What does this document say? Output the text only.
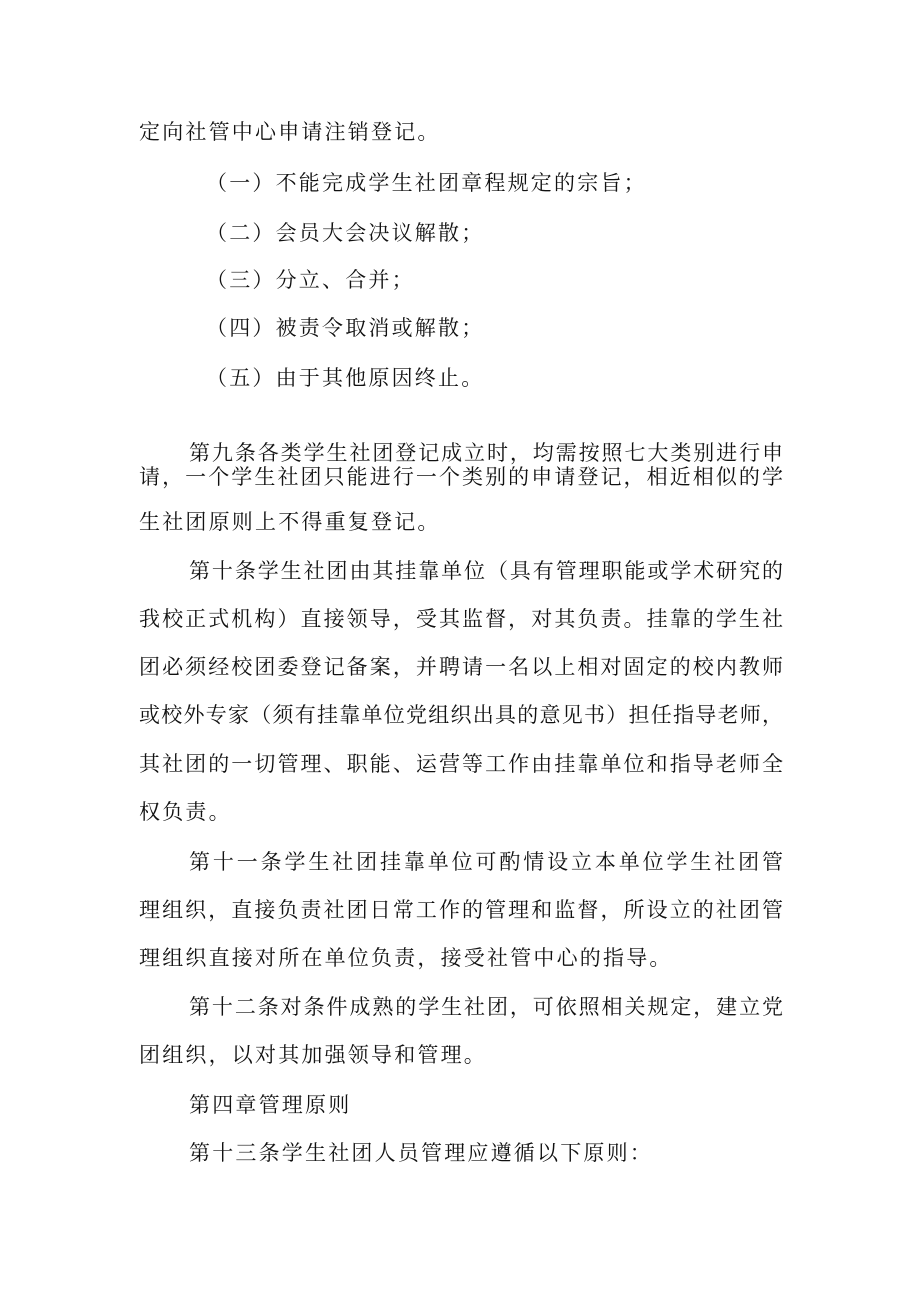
定向社管中心申请注销登记。
（一）不能完成学生社团章程规定的宗旨；
（二）会员大会决议解散；
（三）分立、合并；
（四）被责令取消或解散；
（五）由于其他原因终止。
第九条各类学生社团登记成立时，均需按照七大类别进行申
请，一个学生社团只能进行一个类别的申请登记，相近相似的学
生社团原则上不得重复登记。
第十条学生社团由其挂靠单位（具有管理职能或学术研究的
我校正式机构）直接领导，受其监督，对其负责。挂靠的学生社
团必须经校团委登记备案，并聘请一名以上相对固定的校内教师
或校外专家（须有挂靠单位党组织出具的意见书）担任指导老师，
其社团的一切管理、职能、运营等工作由挂靠单位和指导老师全
权负责。
第十一条学生社团挂靠单位可酌情设立本单位学生社团管
理组织，直接负责社团日常工作的管理和监督，所设立的社团管
理组织直接对所在单位负责，接受社管中心的指导。
第十二条对条件成熟的学生社团，可依照相关规定，建立党
团组织，以对其加强领导和管理。
第四章管理原则
第十三条学生社团人员管理应遵循以下原则：
